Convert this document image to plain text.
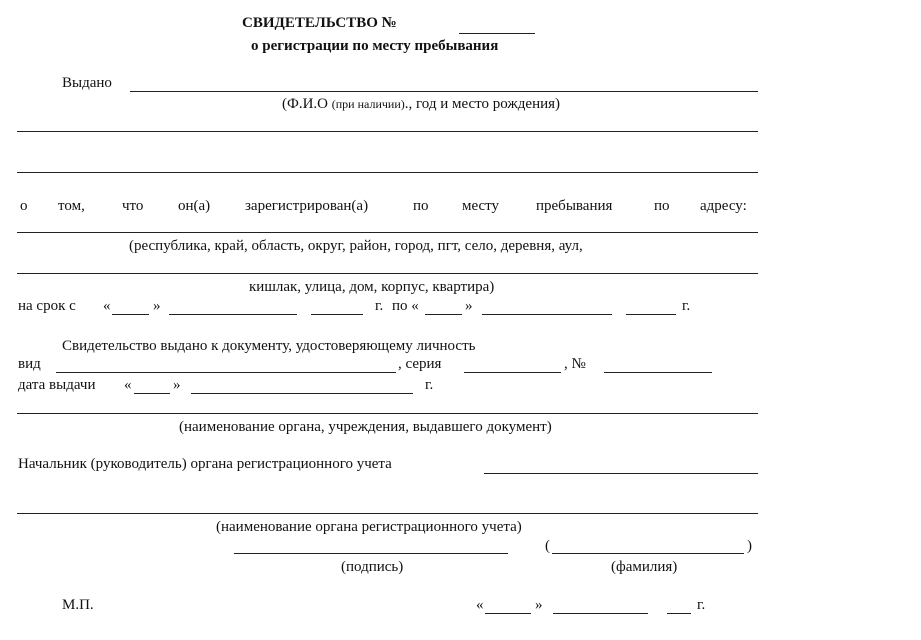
СВИДЕТЕЛЬСТВО №
о регистрации по месту пребывания
Выдано
(Ф.И.О (при наличии)., год и место рождения)
о том, что он(а) зарегистрирован(а)	по месту пребывания	по адресу:
(республика, край, область, округ, район, город, пгт, село, деревня, аул,
кишлак, улица, дом, корпус, квартира)
на срок с «	»	г. по «	»	г.
Свидетельство выдано к документу, удостоверяющему личность
вид	, серия	, №
дата выдачи «	»	г.
(наименование органа, учреждения, выдавшего документ)
Начальник (руководитель) органа регистрационного учета
(наименование органа регистрационного учета)
(	)
(подпись)	(фамилия)
М.П.	«	»	г.
